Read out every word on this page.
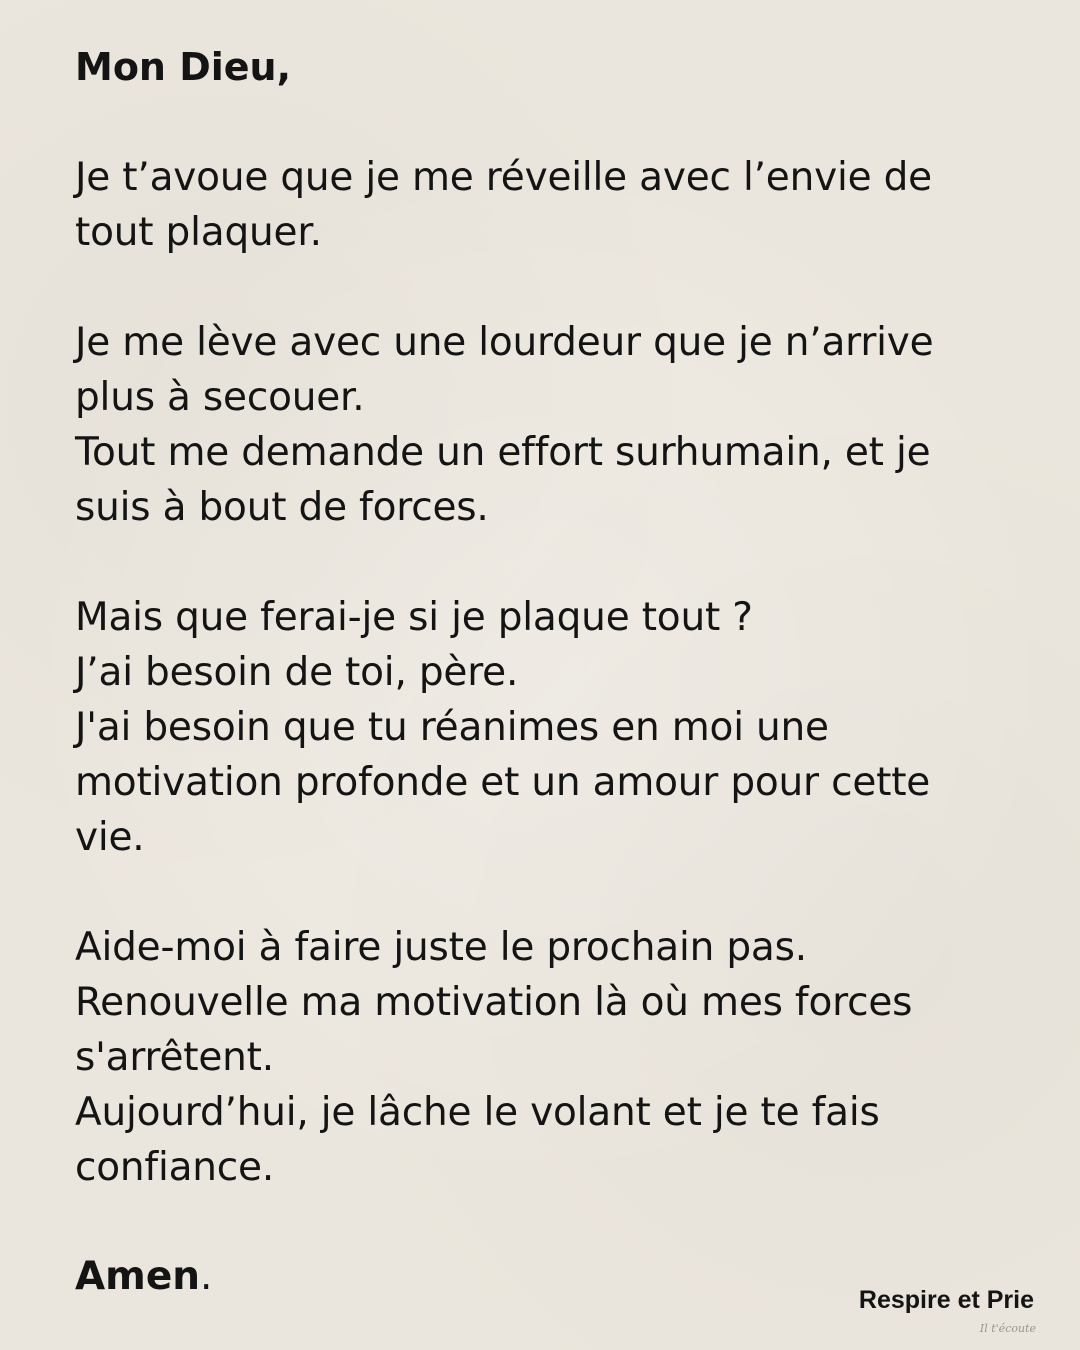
Mon Dieu,
Je t’avoue que je me réveille avec l’envie de
tout plaquer.
Je me lève avec une lourdeur que je n’arrive
plus à secouer.
Tout me demande un effort surhumain, et je
suis à bout de forces.
Mais que ferai-je si je plaque tout ?
J’ai besoin de toi, père.
J'ai besoin que tu réanimes en moi une
motivation profonde et un amour pour cette
vie.
Aide-moi à faire juste le prochain pas.
Renouvelle ma motivation là où mes forces
s'arrêtent.
Aujourd’hui, je lâche le volant et je te fais
confiance.
Amen.
Respire et Prie
Il t'écoute
